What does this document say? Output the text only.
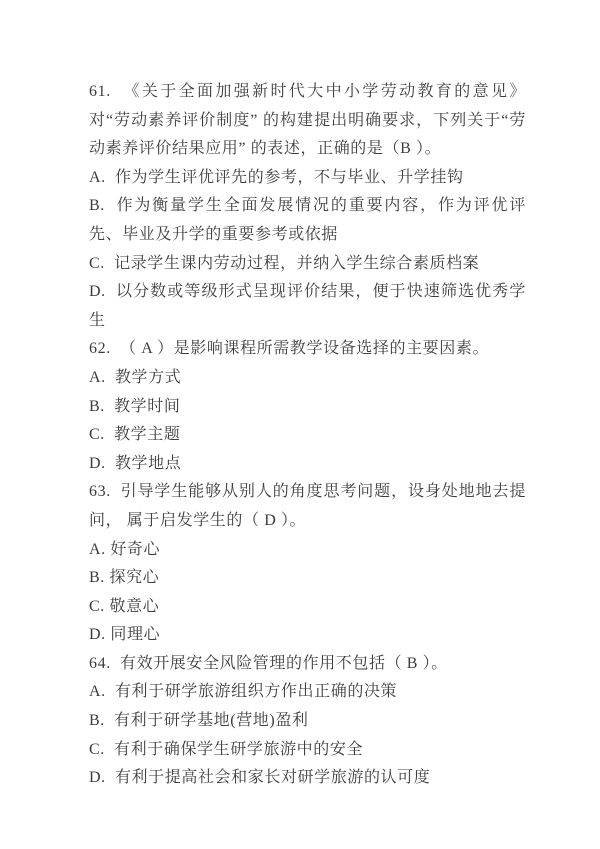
61.  《关于全面加强新时代大中小学劳动教育的意见》对“劳动素养评价制度” 的构建提出明确要求，下列关于“劳动素养评价结果应用” 的表述，正确的是（B ）。

A.  作为学生评优评先的参考，不与毕业、升学挂钩

B.  作为衡量学生全面发展情况的重要内容，作为评优评先、毕业及升学的重要参考或依据

C.  记录学生课内劳动过程，并纳入学生综合素质档案

D.  以分数或等级形式呈现评价结果，便于快速筛选优秀学生

62.  （ A ）是影响课程所需教学设备选择的主要因素。

A.  教学方式

B.  教学时间

C.  教学主题

D.  教学地点

63.  引导学生能够从别人的角度思考问题，设身处地地去提问， 属于启发学生的（ D ）。

A. 好奇心

B. 探究心

C. 敬意心

D. 同理心

64.  有效开展安全风险管理的作用不包括（ B ）。

A.  有利于研学旅游组织方作出正确的决策

B.  有利于研学基地(营地)盈利

C.  有利于确保学生研学旅游中的安全

D.  有利于提高社会和家长对研学旅游的认可度
